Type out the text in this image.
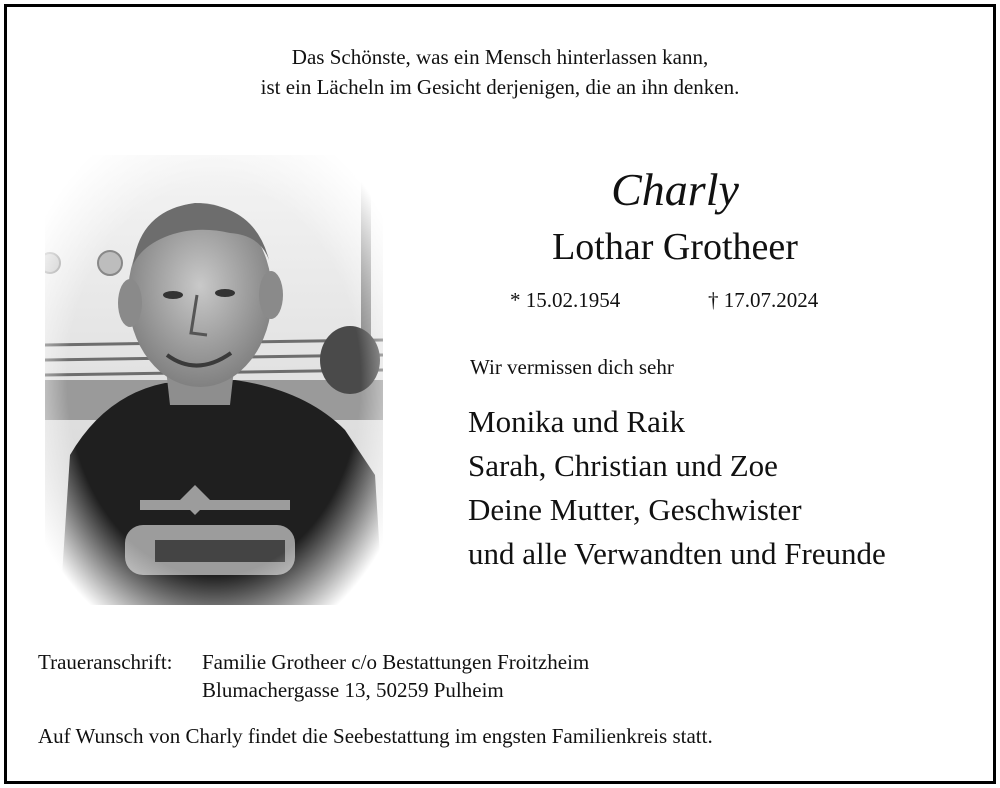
Das Schönste, was ein Mensch hinterlassen kann,
ist ein Lächeln im Gesicht derjenigen, die an ihn denken.
Charly
Lothar Grotheer
* 15.02.1954	† 17.07.2024
Wir vermissen dich sehr
Monika und Raik
Sarah, Christian und Zoe
Deine Mutter, Geschwister
und alle Verwandten und Freunde
Traueranschrift: Familie Grotheer c/o Bestattungen Froitzheim
Blumachergasse 13, 50259 Pulheim
Auf Wunsch von Charly findet die Seebestattung im engsten Familienkreis statt.
